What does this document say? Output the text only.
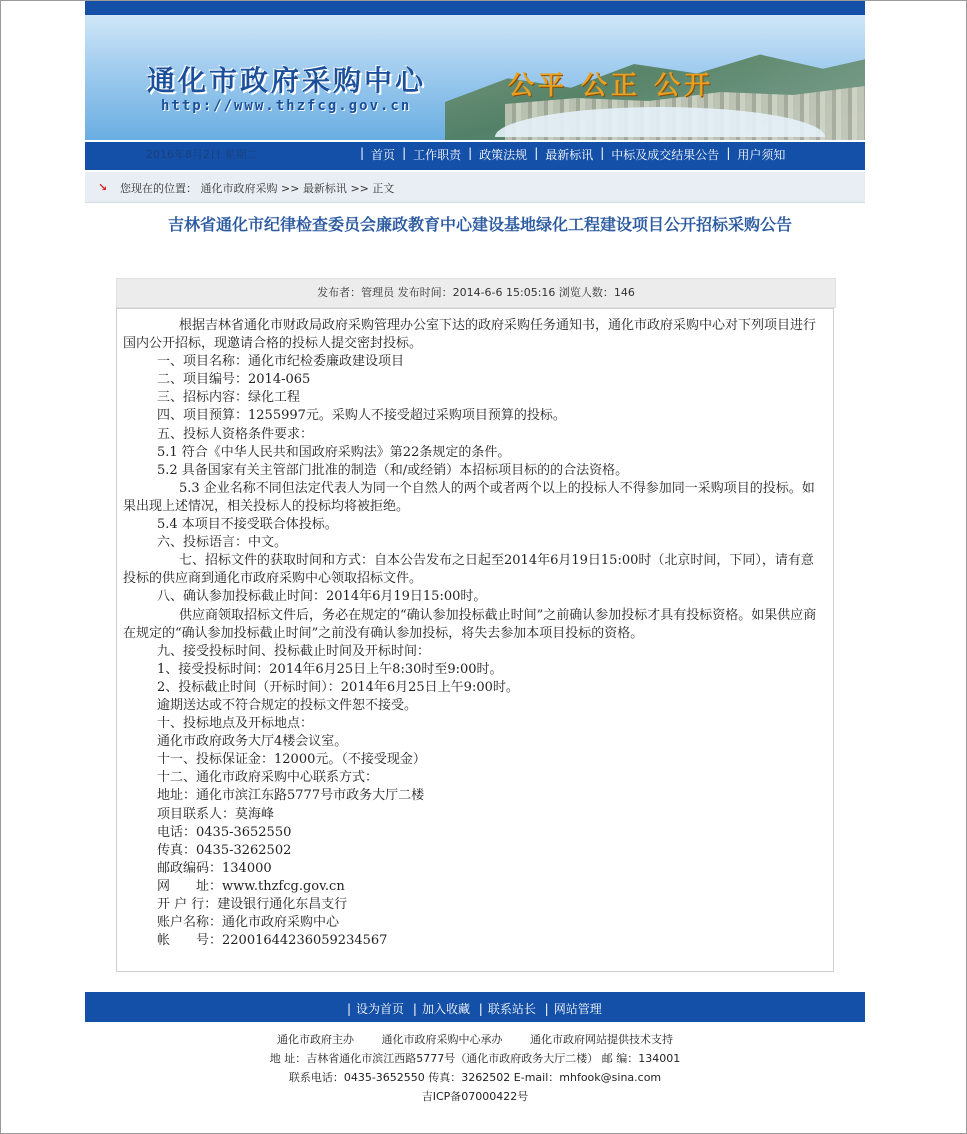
通化市政府采购中心
http://www.thzfcg.gov.cn
公平 公正 公开
| 首页 | 工作职责 | 政策法规 | 最新标讯 | 中标及成交结果公告 | 用户须知
2016年8月2日 星期二
↘ 您现在的位置： 通化市政府采购 >> 最新标讯 >> 正文
吉林省通化市纪律检查委员会廉政教育中心建设基地绿化工程建设项目公开招标采购公告
发布者：管理员 发布时间：2014-6-6 15:05:16 浏览人数：146

根据吉林省通化市财政局政府采购管理办公室下达的政府采购任务通知书，通化市政府采购中心对下列项目进行国内公开招标，现邀请合格的投标人提交密封投标。

一、项目名称：通化市纪检委廉政建设项目

二、项目编号：2014-065

三、招标内容：绿化工程

四、项目预算：1255997元。采购人不接受超过采购项目预算的投标。

五、投标人资格条件要求：

5.1 符合《中华人民共和国政府采购法》第22条规定的条件。

5.2 具备国家有关主管部门批准的制造（和/或经销）本招标项目标的的合法资格。

5.3 企业名称不同但法定代表人为同一个自然人的两个或者两个以上的投标人不得参加同一采购项目的投标。如果出现上述情况，相关投标人的投标均将被拒绝。

5.4 本项目不接受联合体投标。

六、投标语言：中文。

七、招标文件的获取时间和方式：自本公告发布之日起至2014年6月19日15:00时（北京时间，下同），请有意投标的供应商到通化市政府采购中心领取招标文件。

八、确认参加投标截止时间：2014年6月19日15:00时。

供应商领取招标文件后，务必在规定的“确认参加投标截止时间”之前确认参加投标才具有投标资格。如果供应商在规定的“确认参加投标截止时间”之前没有确认参加投标，将失去参加本项目投标的资格。

九、接受投标时间、投标截止时间及开标时间：

1、接受投标时间：2014年6月25日上午8:30时至9:00时。

2、投标截止时间（开标时间）：2014年6月25日上午9:00时。

逾期送达或不符合规定的投标文件恕不接受。

十、投标地点及开标地点：

通化市政府政务大厅4楼会议室。

十一、投标保证金：12000元。（不接受现金）

十二、通化市政府采购中心联系方式：

地址：通化市滨江东路5777号市政务大厅二楼

项目联系人：莫海峰

电话：0435-3652550

传真：0435-3262502

邮政编码：134000

网　　址：www.thzfcg.gov.cn

开 户 行：建设银行通化东昌支行

账户名称：通化市政府采购中心

帐　　号：22001644236059234567

| 设为首页 | 加入收藏 | 联系站长 | 网站管理
通化市政府主办	通化市政府采购中心承办	通化市政府网站提供技术支持
地 址：吉林省通化市滨江西路5777号（通化市政府政务大厅二楼） 邮 编：134001
联系电话：0435-3652550 传真：3262502 E-mail：mhfook@sina.com
吉ICP备07000422号
